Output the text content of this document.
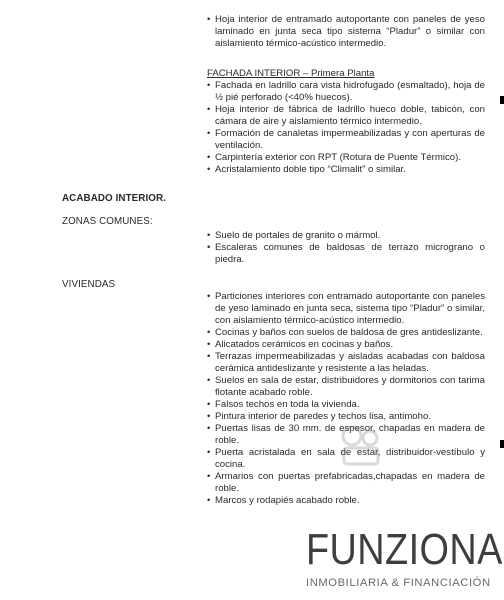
• Hoja interior de entramado autoportante con paneles de yeso laminado en junta seca tipo sistema “Pladur” o similar con aislamiento térmico-acústico intermedio.

FACHADA INTERIOR – Primera Planta

• Fachada en ladrillo cara vista hidrofugado (esmaltado), hoja de ½ pié perforado (<40% huecos).

• Hoja interior de fábrica de ladrillo hueco doble, tabicón, con cámara de aire y aislamiento térmico intermedio.

• Formación de canaletas impermeabilizadas y con aperturas de ventilación.

• Carpintería exterior con RPT (Rotura de Puente Térmico).

• Acristalamiento doble tipo “Climalit” o similar.

ACABADO INTERIOR.
ZONAS COMUNES:

• Suelo de portales de granito o mármol.

• Escaleras comunes de baldosas de terrazo micrograno o piedra.

VIVIENDAS

• Particiones interiores con entramado autoportante con paneles de yeso laminado en junta seca, sistema tipo “Pladur” o similar, con aislamiento térmico-acústico intermedio.

• Cocinas y baños con suelos de baldosa de gres antideslizante.

• Alicatados cerámicos en cocinas y baños.

• Terrazas impermeabilizadas y aisladas acabadas con baldosa cerámica antideslizante y resistente a las heladas.

• Suelos en sala de estar, distribuidores y dormitorios con tarima flotante acabado roble.

• Falsos techos en toda la vivienda.

• Pintura interior de paredes y techos lisa, antimoho.

• Puertas lisas de 30 mm. de espesor, chapadas en madera de roble.

• Puerta acristalada en sala de estar, distribuidor-vestíbulo y cocina.

• Armarios con puertas prefabricadas,chapadas en madera de roble.

• Marcos y rodapiés acabado roble.

FUNZIONA
INMOBILIARIA & FINANCIACIÓN
